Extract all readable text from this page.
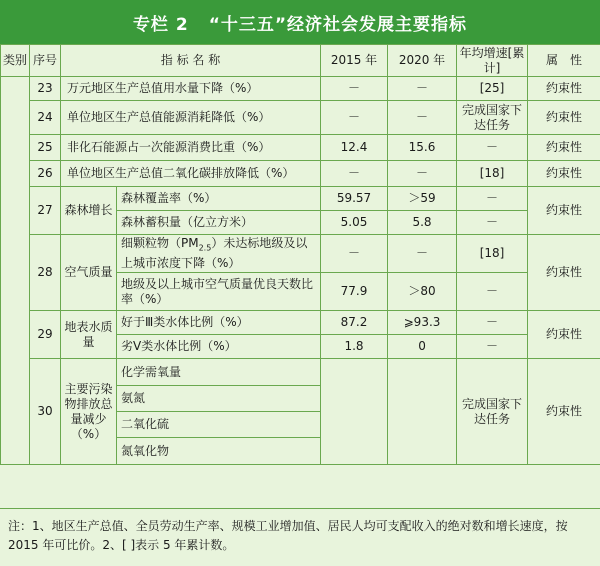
专栏 2 “十三五”经济社会发展主要指标
类别	序号	指 标 名 称		2015 年	2020 年	年均增速[累计]	属　性
	23	万元地区生产总值用水量下降（%）		－	－	[25]	约束性
	24	单位地区生产总值能源消耗降低（%）		－	－	完成国家下达任务	约束性
	25	非化石能源占一次能源消费比重（%）		12.4	15.6	－	约束性
	26	单位地区生产总值二氧化碳排放降低（%）		－	－	[18]	约束性
	27	森林增长	森林覆盖率（%）	59.57	＞59	－	约束性
			森林蓄积量（亿立方米）	5.05	5.8	－	
	28	空气质量	细颗粒物$(PM_{2.5})$未达标地级及以上城市浓度下降（%）	－	－	[18]	约束性
			地级及以上城市空气质量优良天数比率（%）	77.9	＞80	－	
	29	地表水质量	好于Ⅲ类水体比例（%）	87.2	⩾93.3	－	约束性
			劣Ⅴ类水体比例（%）	1.8	0	－	
	30	主要污染物排放总量减少（%）	化学需氧量			完成国家下达任务	约束性
			氨氮				
			二氧化硫				
			氮氧化物				
注：1、地区生产总值、全员劳动生产率、规模工业增加值、居民人均可支配收入的绝对数和增长速度，按 2015 年可比价。2、[ ]表示 5 年累计数。
